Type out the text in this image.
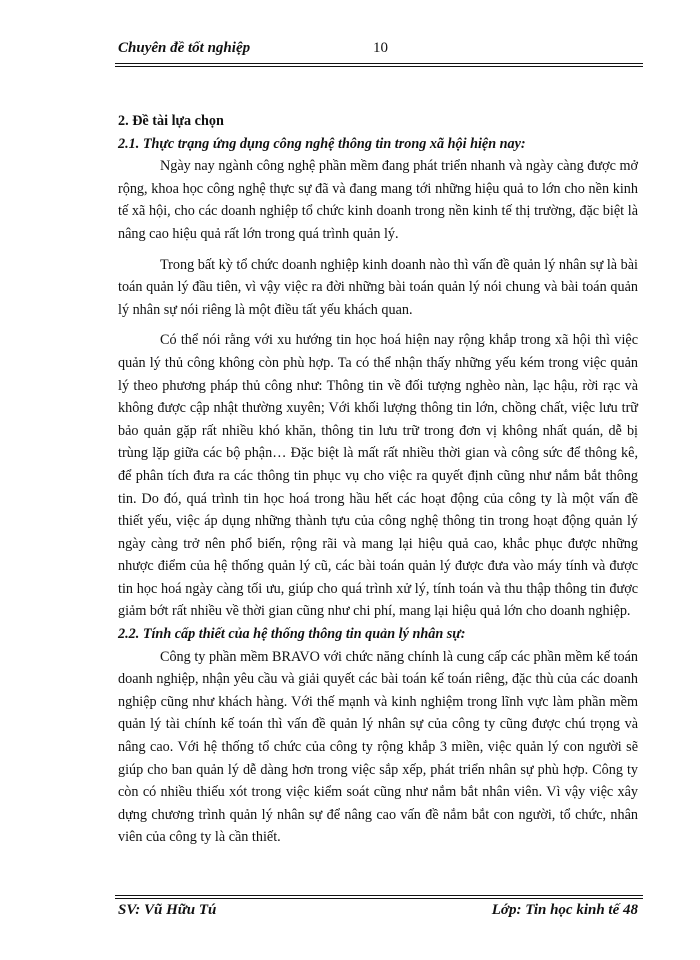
Chuyên đề tốt nghiệp	10

2. Đề tài lựa chọn

2.1. Thực trạng ứng dụng công nghệ thông tin trong xã hội hiện nay:

Ngày nay ngành công nghệ phần mềm đang phát triển nhanh và ngày càng được mở rộng, khoa học công nghệ thực sự đã và đang mang tới những hiệu quả to lớn cho nền kinh tế xã hội, cho các doanh nghiệp tổ chức kinh doanh trong nền kinh tế thị trường, đặc biệt là nâng cao hiệu quả rất lớn trong quá trình quản lý.

Trong bất kỳ tổ chức doanh nghiệp kinh doanh nào thì vấn đề quản lý nhân sự là bài toán quản lý đầu tiên, vì vậy việc ra đời những bài toán quản lý nói chung và bài toán quản lý nhân sự nói riêng là một điều tất yếu khách quan.

Có thể nói rằng với xu hướng tin học hoá hiện nay rộng khắp trong xã hội thì việc quản lý thủ công không còn phù hợp. Ta có thể nhận thấy những yếu kém trong việc quản lý theo phương pháp thủ công như: Thông tin về đối tượng nghèo nàn, lạc hậu, rời rạc và không được cập nhật thường xuyên; Với khối lượng thông tin lớn, chồng chất, việc lưu trữ bảo quản gặp rất nhiều khó khăn, thông tin lưu trữ trong đơn vị không nhất quán, dễ bị trùng lặp giữa các bộ phận… Đặc biệt là mất rất nhiều thời gian và công sức để thông kê, để phân tích đưa ra các thông tin phục vụ cho việc ra quyết định cũng như nắm bắt thông tin. Do đó, quá trình tin học hoá trong hầu hết các hoạt động của công ty là một vấn đề thiết yếu, việc áp dụng những thành tựu của công nghệ thông tin trong hoạt động quản lý ngày càng trở nên phổ biến, rộng rãi và mang lại hiệu quả cao, khắc phục được những nhược điểm của hệ thống quản lý cũ, các bài toán quản lý được đưa vào máy tính và được tin học hoá ngày càng tối ưu, giúp cho quá trình xử lý, tính toán và thu thập thông tin được giảm bớt rất nhiều về thời gian cũng như chi phí, mang lại hiệu quả lớn cho doanh nghiệp.

2.2. Tính cấp thiết của hệ thống thông tin quản lý nhân sự:

Công ty phần mềm BRAVO với chức năng chính là cung cấp các phần mềm kế toán doanh nghiệp, nhận yêu cầu và giải quyết các bài toán kế toán riêng, đặc thù của các doanh nghiệp cũng như khách hàng. Với thế mạnh và kinh nghiệm trong lĩnh vực làm phần mềm quản lý tài chính kế toán thì vấn đề quản lý nhân sự của công ty cũng được chú trọng và nâng cao. Với hệ thống tổ chức của công ty rộng khắp 3 miền, việc quản lý con người sẽ giúp cho ban quản lý dễ dàng hơn trong việc sắp xếp, phát triển nhân sự phù hợp. Công ty còn có nhiều thiếu xót trong việc kiểm soát cũng như nắm bắt nhân viên. Vì vậy việc xây dựng chương trình quản lý nhân sự để nâng cao vấn đề nắm bắt con người, tổ chức, nhân viên của công ty là cần thiết.

SV: Vũ Hữu Tú	Lớp: Tin học kinh tế 48
